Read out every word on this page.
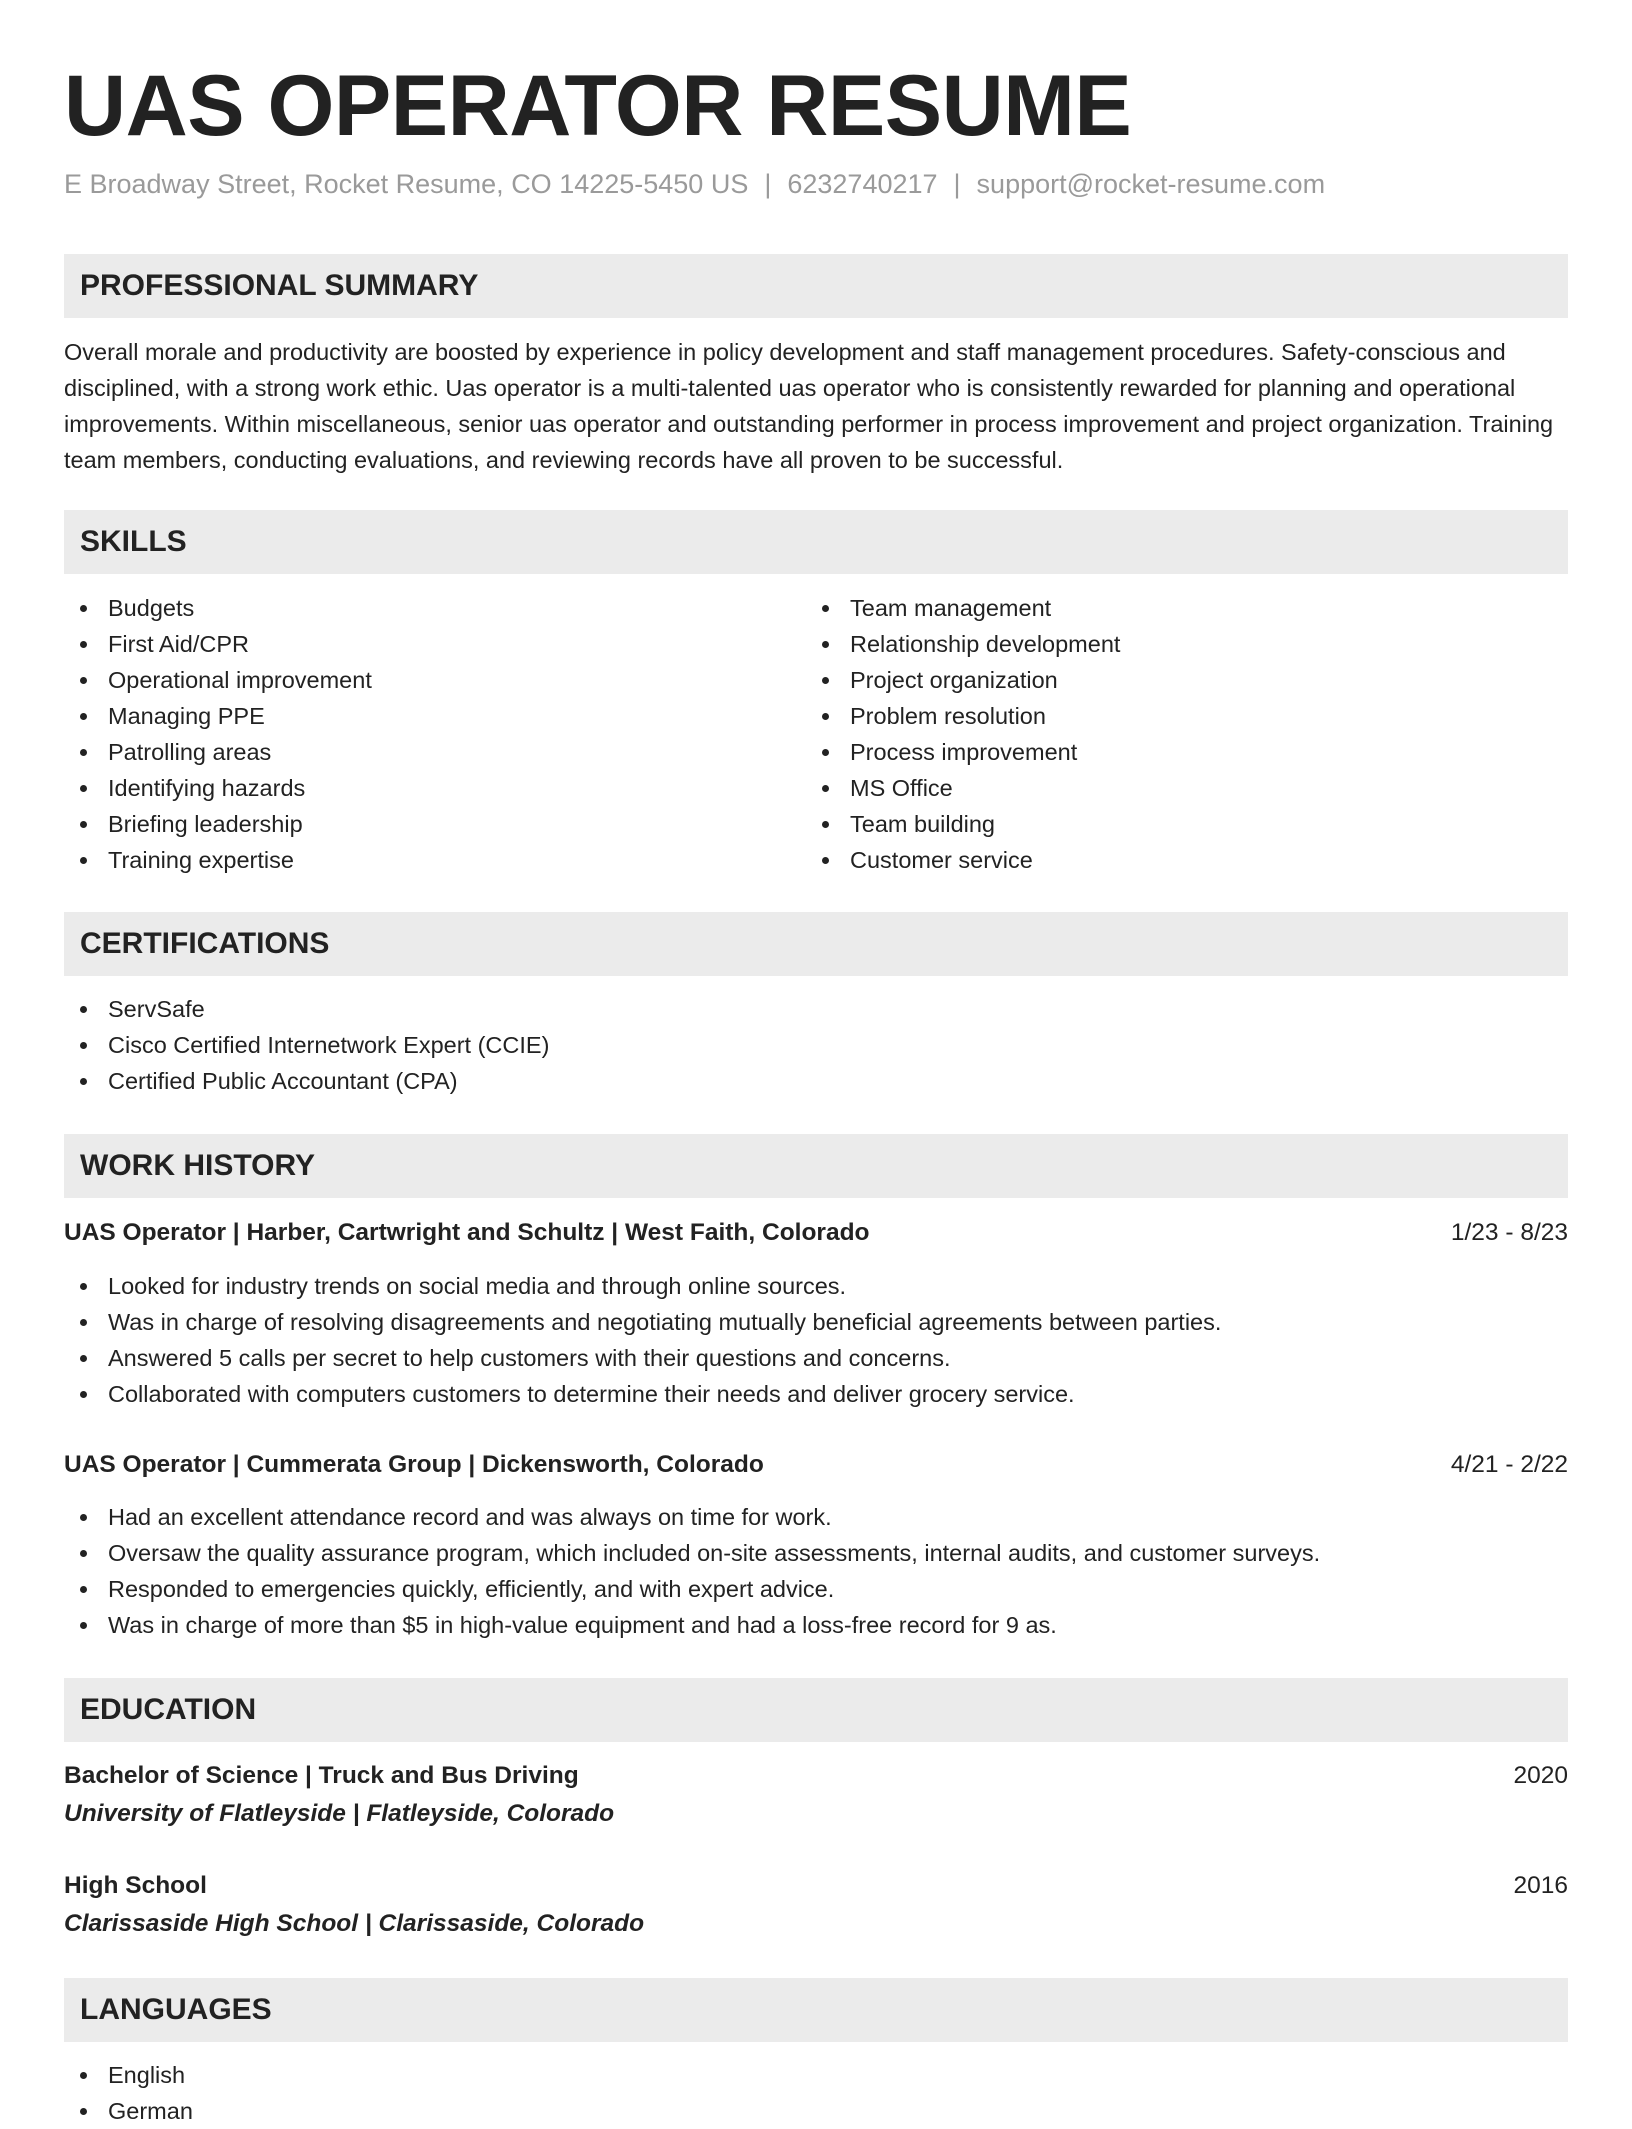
UAS OPERATOR RESUME
E Broadway Street, Rocket Resume, CO 14225-5450 US | 6232740217 | support@rocket-resume.com
PROFESSIONAL SUMMARY

Overall morale and productivity are boosted by experience in policy development and staff management procedures. Safety-conscious and disciplined, with a strong work ethic. Uas operator is a multi-talented uas operator who is consistently rewarded for planning and operational improvements. Within miscellaneous, senior uas operator and outstanding performer in process improvement and project organization. Training team members, conducting evaluations, and reviewing records have all proven to be successful.

SKILLS
Budgets
First Aid/CPR
Operational improvement
Managing PPE
Patrolling areas
Identifying hazards
Briefing leadership
Training expertise
Team management
Relationship development
Project organization
Problem resolution
Process improvement
MS Office
Team building
Customer service
CERTIFICATIONS
ServSafe
Cisco Certified Internetwork Expert (CCIE)
Certified Public Accountant (CPA)
WORK HISTORY
UAS Operator | Harber, Cartwright and Schultz | West Faith, Colorado	1/23 - 8/23
Looked for industry trends on social media and through online sources.
Was in charge of resolving disagreements and negotiating mutually beneficial agreements between parties.
Answered 5 calls per secret to help customers with their questions and concerns.
Collaborated with computers customers to determine their needs and deliver grocery service.
UAS Operator | Cummerata Group | Dickensworth, Colorado	4/21 - 2/22
Had an excellent attendance record and was always on time for work.
Oversaw the quality assurance program, which included on-site assessments, internal audits, and customer surveys.
Responded to emergencies quickly, efficiently, and with expert advice.
Was in charge of more than $5 in high-value equipment and had a loss-free record for 9 as.
EDUCATION
Bachelor of Science | Truck and Bus Driving	2020
University of Flatleyside | Flatleyside, Colorado
High School	2016
Clarissaside High School | Clarissaside, Colorado
LANGUAGES
English
German
